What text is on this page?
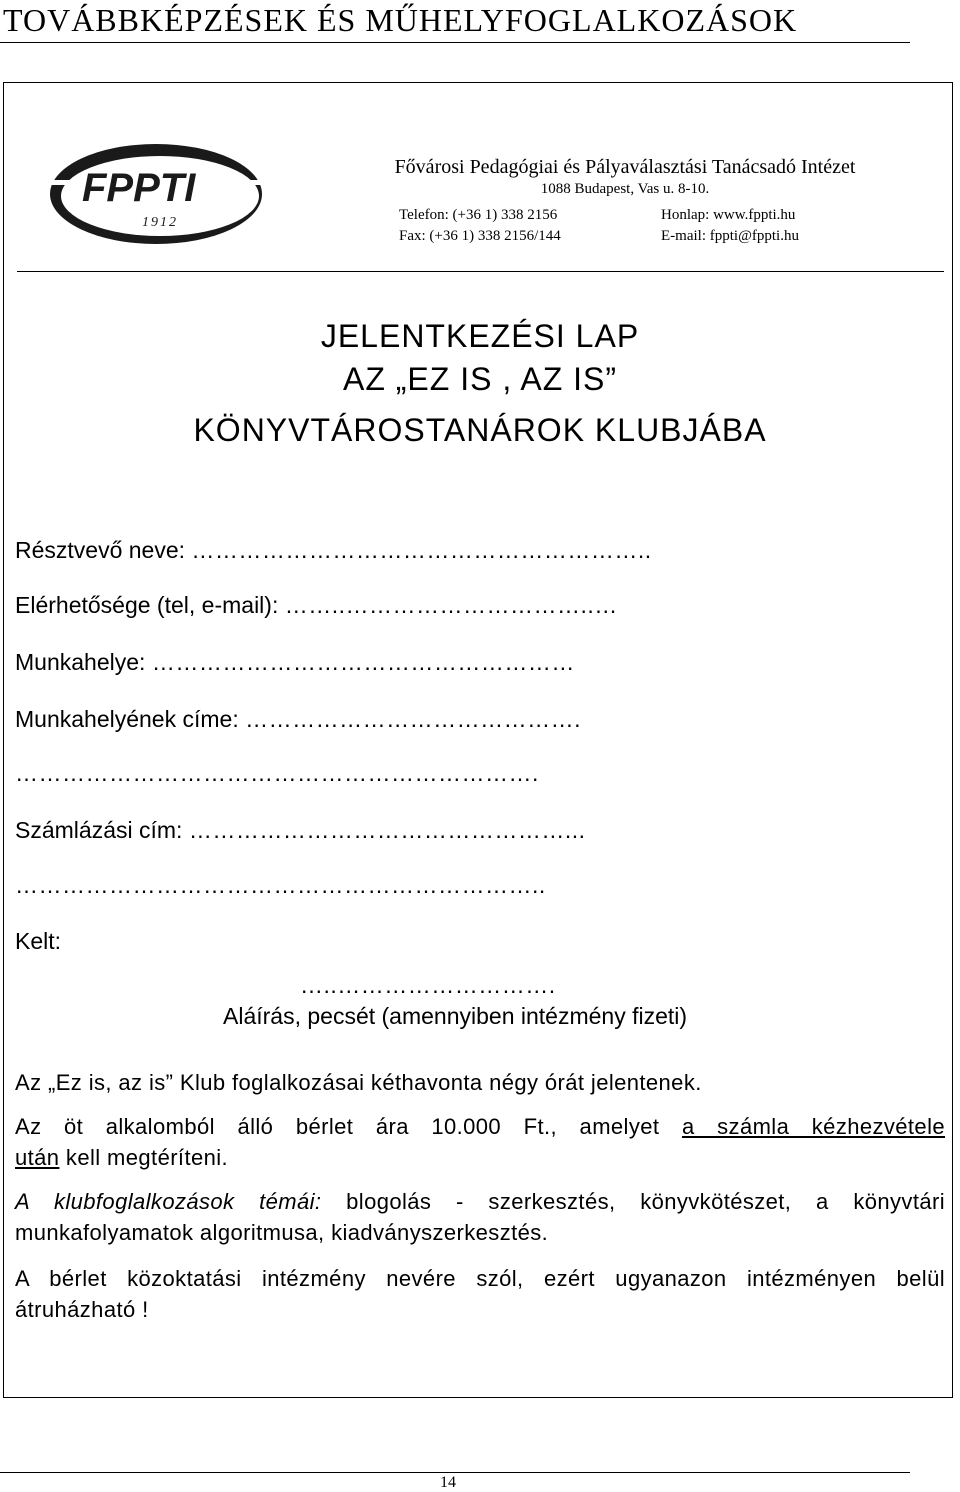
TOVÁBBKÉPZÉSEK ÉS MŰHELYFOGLALKOZÁSOK
FPPTI
1912
Fővárosi Pedagógiai és Pályaválasztási Tanácsadó Intézet
1088 Budapest, Vas u. 8-10.
Telefon: (+36 1) 338 2156
Fax: (+36 1) 338 2156/144
Honlap: www.fppti.hu
E-mail: fppti@fppti.hu
JELENTKEZÉSI LAP
AZ „EZ IS , AZ IS”
KÖNYVTÁROSTANÁROK KLUBJÁBA
Résztvevő neve: …………………………………………………..
Elérhetősége (tel, e-mail): ……..…………………………..…
Munkahelye: ………………………………………………
Munkahelyének címe: …………………………………….
………………………………………………………….
Számlázási cím: …………………………………………...
…………………………………………………………..
Kelt:
…..……………………….
Aláírás, pecsét (amennyiben intézmény fizeti)
Az „Ez is, az is” Klub foglalkozásai kéthavonta négy órát jelentenek.
Az öt alkalomból álló bérlet ára 10.000 Ft., amelyet a számla kézhezvétele
után kell megtéríteni.
A klubfoglalkozások témái: blogolás - szerkesztés, könyvkötészet, a könyvtári munkafolyamatok algoritmusa, kiadványszerkesztés.
A bérlet közoktatási intézmény nevére szól, ezért ugyanazon intézményen belül átruházható !
14
